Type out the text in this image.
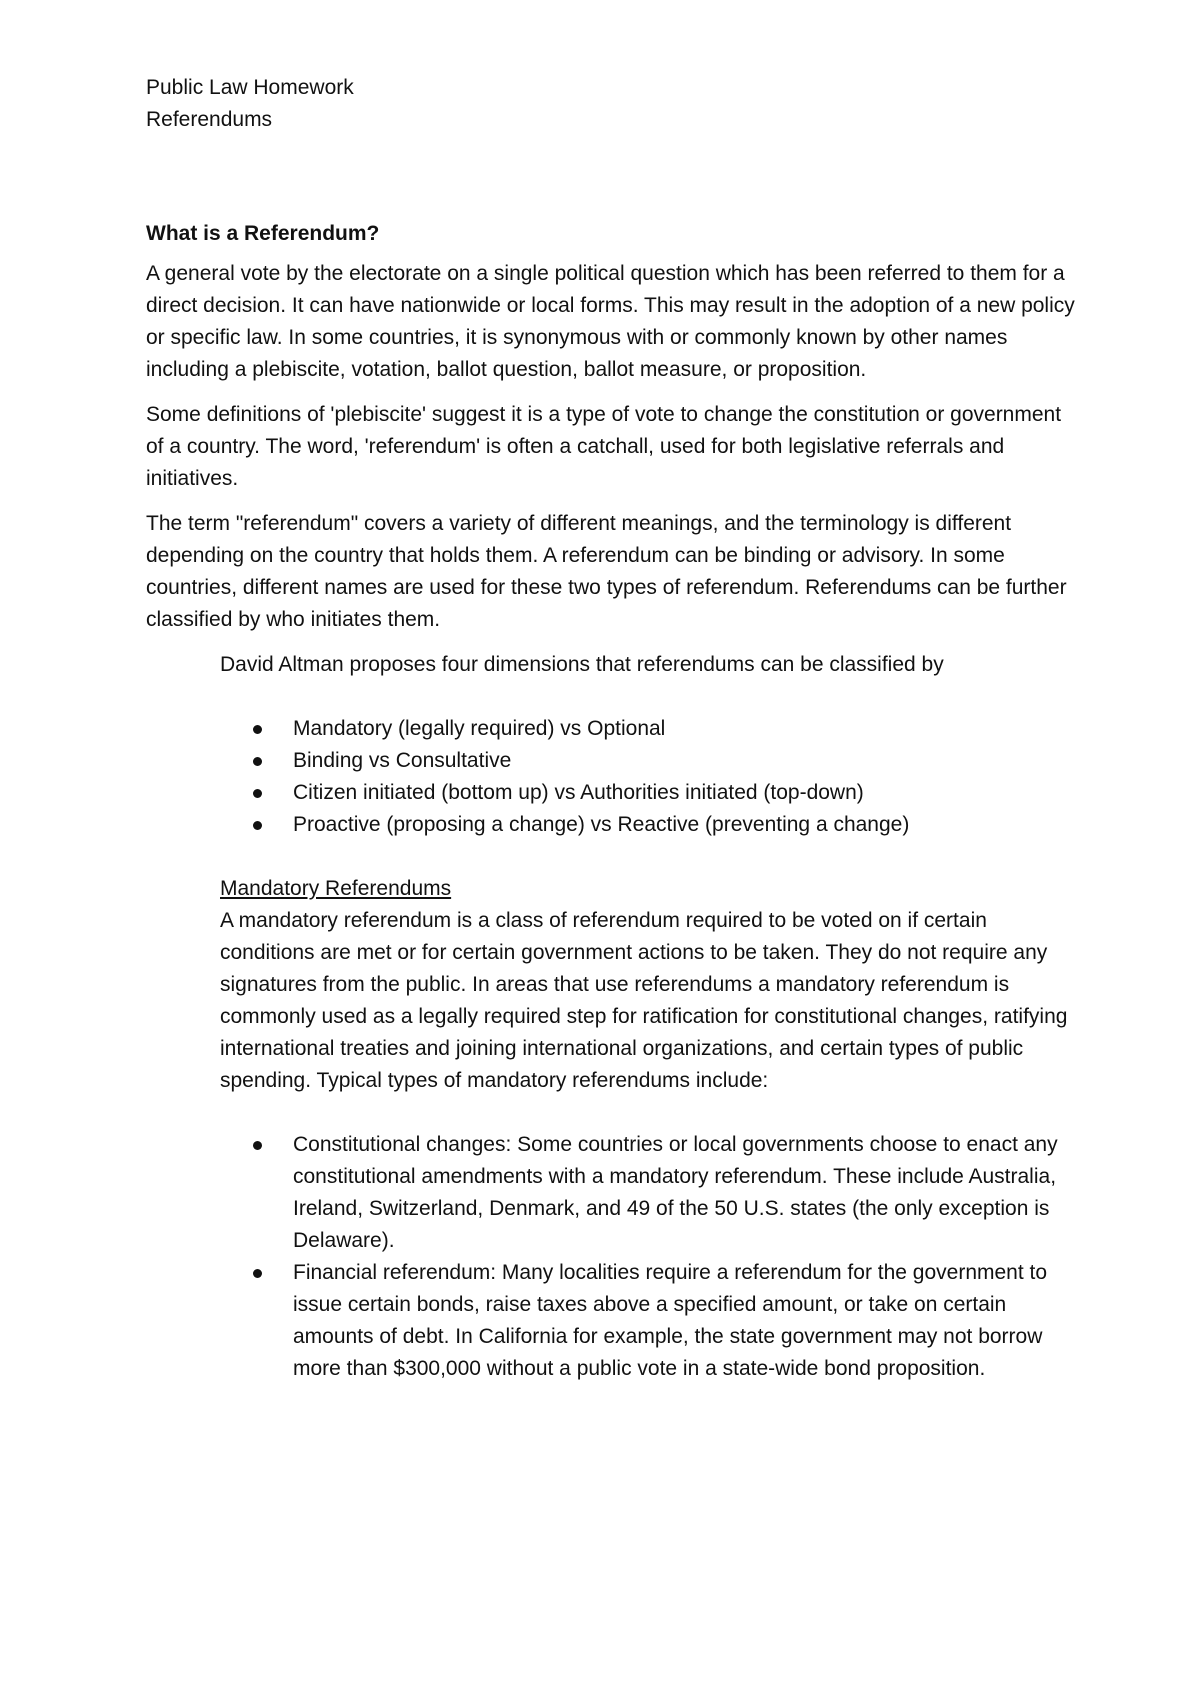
Public Law Homework
Referendums
What is a Referendum?

A general vote by the electorate on a single political question which has been referred to them for a direct decision. It can have nationwide or local forms. This may result in the adoption of a new policy or specific law. In some countries, it is synonymous with or commonly known by other names including a plebiscite, votation, ballot question, ballot measure, or proposition.

Some definitions of 'plebiscite' suggest it is a type of vote to change the constitution or government of a country. The word, 'referendum' is often a catchall, used for both legislative referrals and initiatives.

The term "referendum" covers a variety of different meanings, and the terminology is different depending on the country that holds them. A referendum can be binding or advisory. In some countries, different names are used for these two types of referendum. Referendums can be further classified by who initiates them.

David Altman proposes four dimensions that referendums can be classified by
Mandatory (legally required) vs Optional
Binding vs Consultative
Citizen initiated (bottom up) vs Authorities initiated (top-down)
Proactive (proposing a change) vs Reactive (preventing a change)
Mandatory Referendums
A mandatory referendum is a class of referendum required to be voted on if certain conditions are met or for certain government actions to be taken. They do not require any signatures from the public. In areas that use referendums a mandatory referendum is commonly used as a legally required step for ratification for constitutional changes, ratifying international treaties and joining international organizations, and certain types of public spending. Typical types of mandatory referendums include:
Constitutional changes: Some countries or local governments choose to enact any constitutional amendments with a mandatory referendum. These include Australia, Ireland, Switzerland, Denmark, and 49 of the 50 U.S. states (the only exception is Delaware).
Financial referendum: Many localities require a referendum for the government to issue certain bonds, raise taxes above a specified amount, or take on certain amounts of debt. In California for example, the state government may not borrow more than $300,000 without a public vote in a state-wide bond proposition.
